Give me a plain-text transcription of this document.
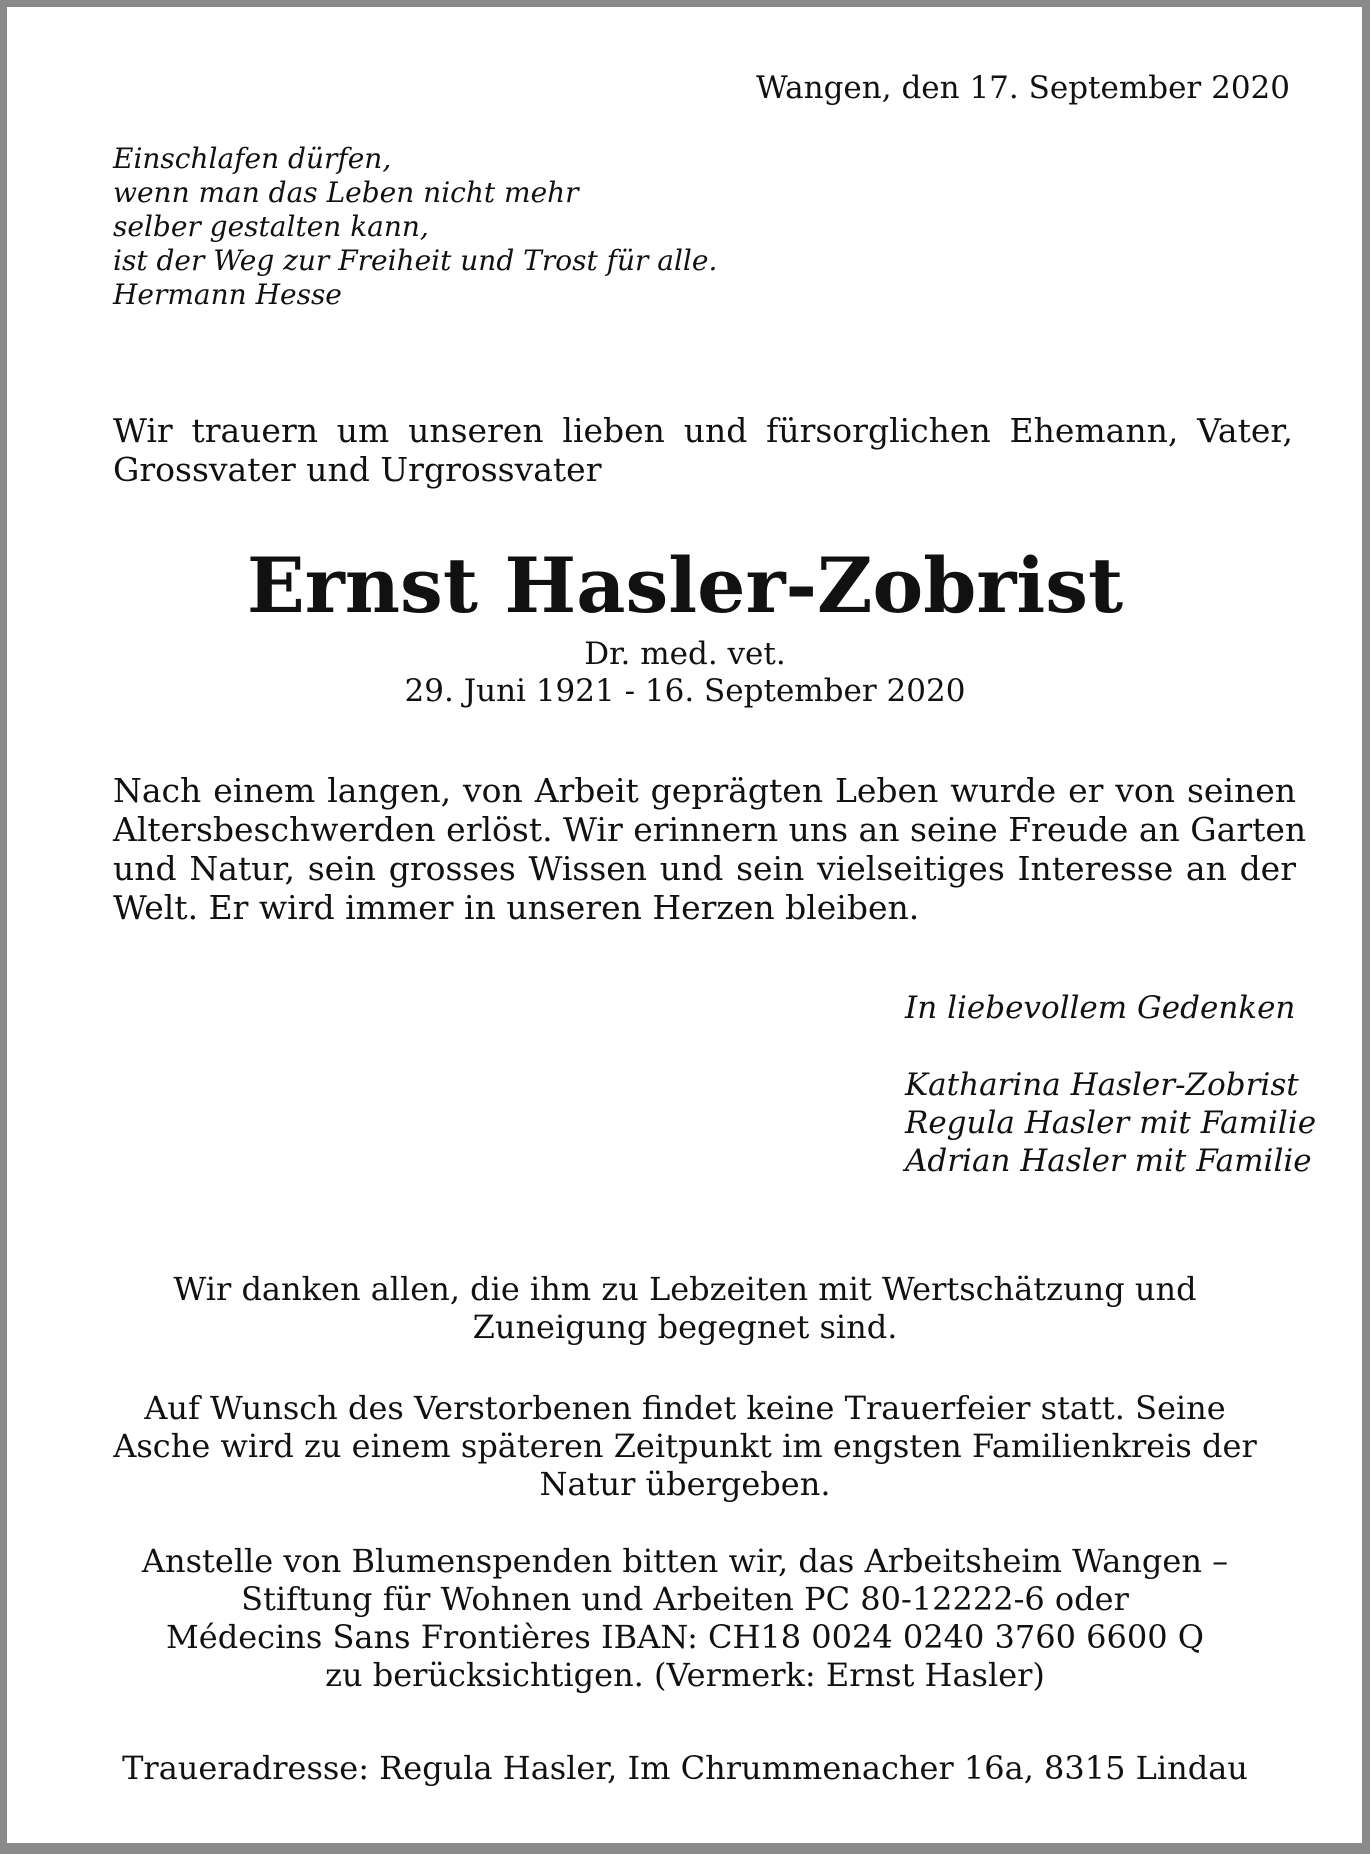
Wangen, den 17. September 2020
Einschlafen dürfen,
wenn man das Leben nicht mehr
selber gestalten kann,
ist der Weg zur Freiheit und Trost für alle.
Hermann Hesse
Wir trauern um unseren lieben und fürsorglichen Ehemann, Vater, Grossvater und Urgrossvater
Ernst Hasler-Zobrist
Dr. med. vet.
29. Juni 1921 - 16. September 2020
Nach einem langen, von Arbeit geprägten Leben wurde er von seinen
Altersbeschwerden erlöst. Wir erinnern uns an seine Freude an Garten
und Natur, sein grosses Wissen und sein vielseitiges Interesse an der
Welt. Er wird immer in unseren Herzen bleiben.
In liebevollem Gedenken
Katharina Hasler-Zobrist
Regula Hasler mit Familie
Adrian Hasler mit Familie
Wir danken allen, die ihm zu Lebzeiten mit Wertschätzung und
Zuneigung begegnet sind.
Auf Wunsch des Verstorbenen findet keine Trauerfeier statt. Seine
Asche wird zu einem späteren Zeitpunkt im engsten Familienkreis der
Natur übergeben.
Anstelle von Blumenspenden bitten wir, das Arbeitsheim Wangen –
Stiftung für Wohnen und Arbeiten PC 80-12222-6 oder
Médecins Sans Frontières IBAN: CH18 0024 0240 3760 6600 Q
zu berücksichtigen. (Vermerk: Ernst Hasler)
Traueradresse: Regula Hasler, Im Chrummenacher 16a, 8315 Lindau
